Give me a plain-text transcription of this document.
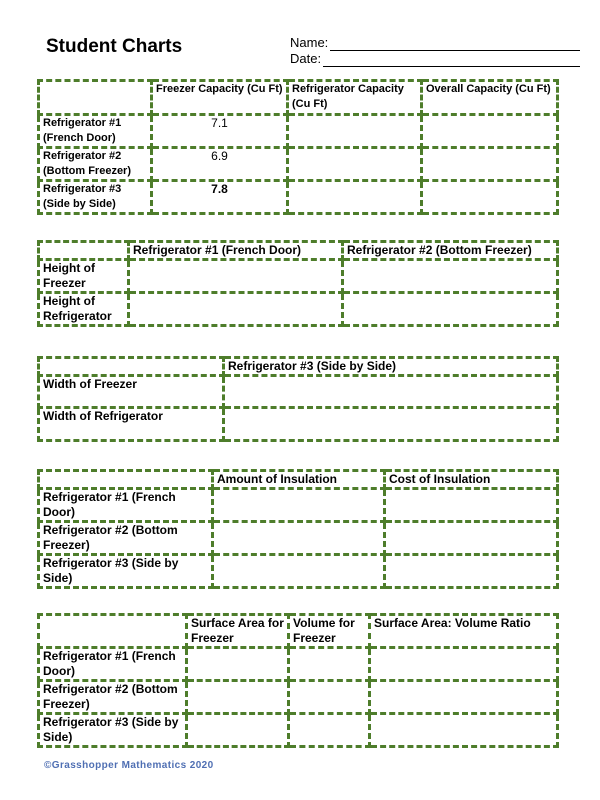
Student Charts	Name:
Date:
	Freezer Capacity (Cu Ft)	Refrigerator Capacity (Cu Ft)	Overall Capacity (Cu Ft)
Refrigerator #1 (French Door)	7.1		
Refrigerator #2 (Bottom Freezer)	6.9		
Refrigerator #3 (Side by Side)	7.8		
	Refrigerator #1 (French Door)	Refrigerator #2 (Bottom Freezer)
Height of Freezer		
Height of Refrigerator		
	Refrigerator #3 (Side by Side)
Width of Freezer	
Width of Refrigerator	
	Amount of Insulation	Cost of Insulation
Refrigerator #1 (French Door)		
Refrigerator #2 (Bottom Freezer)		
Refrigerator #3 (Side by Side)		
	Surface Area for Freezer	Volume for Freezer	Surface Area: Volume Ratio
Refrigerator #1 (French Door)			
Refrigerator #2 (Bottom Freezer)			
Refrigerator #3 (Side by Side)			
©Grasshopper Mathematics 2020
